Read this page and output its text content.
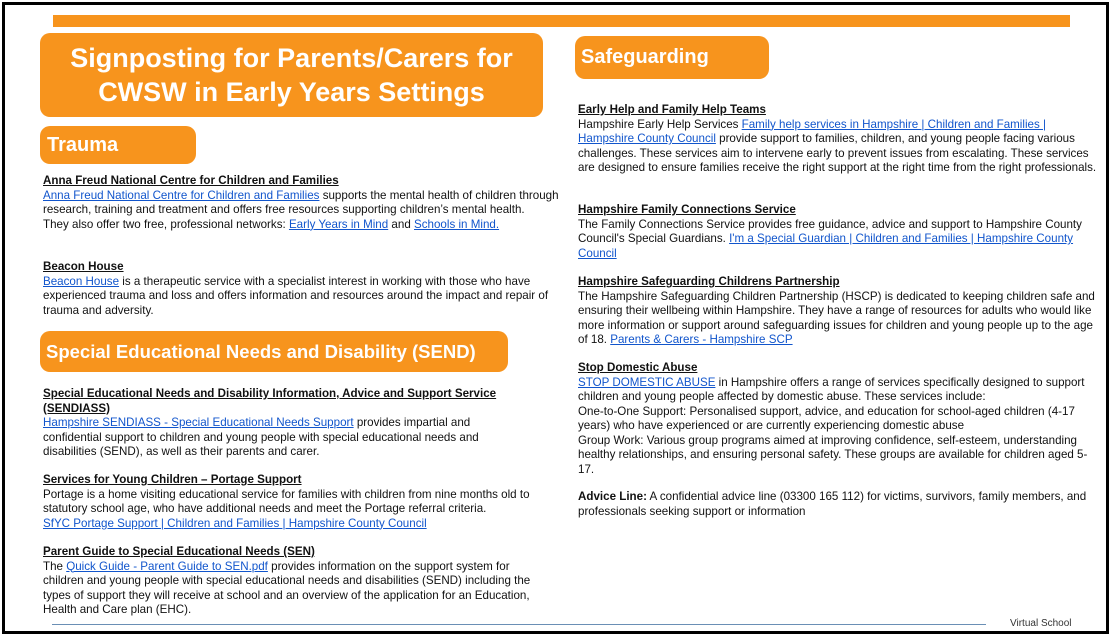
Signposting for Parents/Carers for CWSW in Early Years Settings
Trauma
Special Educational Needs and Disability (SEND)
Safeguarding

Anna Freud National Centre for Children and Families

Anna Freud National Centre for Children and Families supports the mental health of children through research, training and treatment and offers free resources supporting children’s mental health.

They also offer two free, professional networks: Early Years in Mind and Schools in Mind.

Beacon House

Beacon House is a therapeutic service with a specialist interest in working with those who have experienced trauma and loss and offers information and resources around the impact and repair of trauma and adversity.

Special Educational Needs and Disability Information, Advice and Support Service (SENDIASS)

Hampshire SENDIASS - Special Educational Needs Support provides impartial and confidential support to children and young people with special educational needs and disabilities (SEND), as well as their parents and carer.

Services for Young Children – Portage Support

Portage is a home visiting educational service for families with children from nine months old to statutory school age, who have additional needs and meet the Portage referral criteria.

SfYC Portage Support | Children and Families | Hampshire County Council

Parent Guide to Special Educational Needs (SEN)

The Quick Guide - Parent Guide to SEN.pdf provides information on the support system for children and young people with special educational needs and disabilities (SEND) including the types of support they will receive at school and an overview of the application for an Education, Health and Care plan (EHC).

Early Help and Family Help Teams

Hampshire Early Help Services Family help services in Hampshire | Children and Families | Hampshire County Council provide support to families, children, and young people facing various challenges. These services aim to intervene early to prevent issues from escalating. These services are designed to ensure families receive the right support at the right time from the right professionals.

Hampshire Family Connections Service

The Family Connections Service provides free guidance, advice and support to Hampshire County Council's Special Guardians. I'm a Special Guardian | Children and Families | Hampshire County Council

Hampshire Safeguarding Childrens Partnership

The Hampshire Safeguarding Children Partnership (HSCP) is dedicated to keeping children safe and ensuring their wellbeing within Hampshire. They have a range of resources for adults who would like more information or support around safeguarding issues for children and young people up to the age of 18. Parents & Carers - Hampshire SCP

Stop Domestic Abuse

STOP DOMESTIC ABUSE in Hampshire offers a range of services specifically designed to support children and young people affected by domestic abuse. These services include:

One-to-One Support: Personalised support, advice, and education for school-aged children (4-17 years) who have experienced or are currently experiencing domestic abuse

Group Work: Various group programs aimed at improving confidence, self-esteem, understanding healthy relationships, and ensuring personal safety. These groups are available for children aged 5-17.

Advice Line: A confidential advice line (03300 165 112) for victims, survivors, family members, and professionals seeking support or information

Virtual School
